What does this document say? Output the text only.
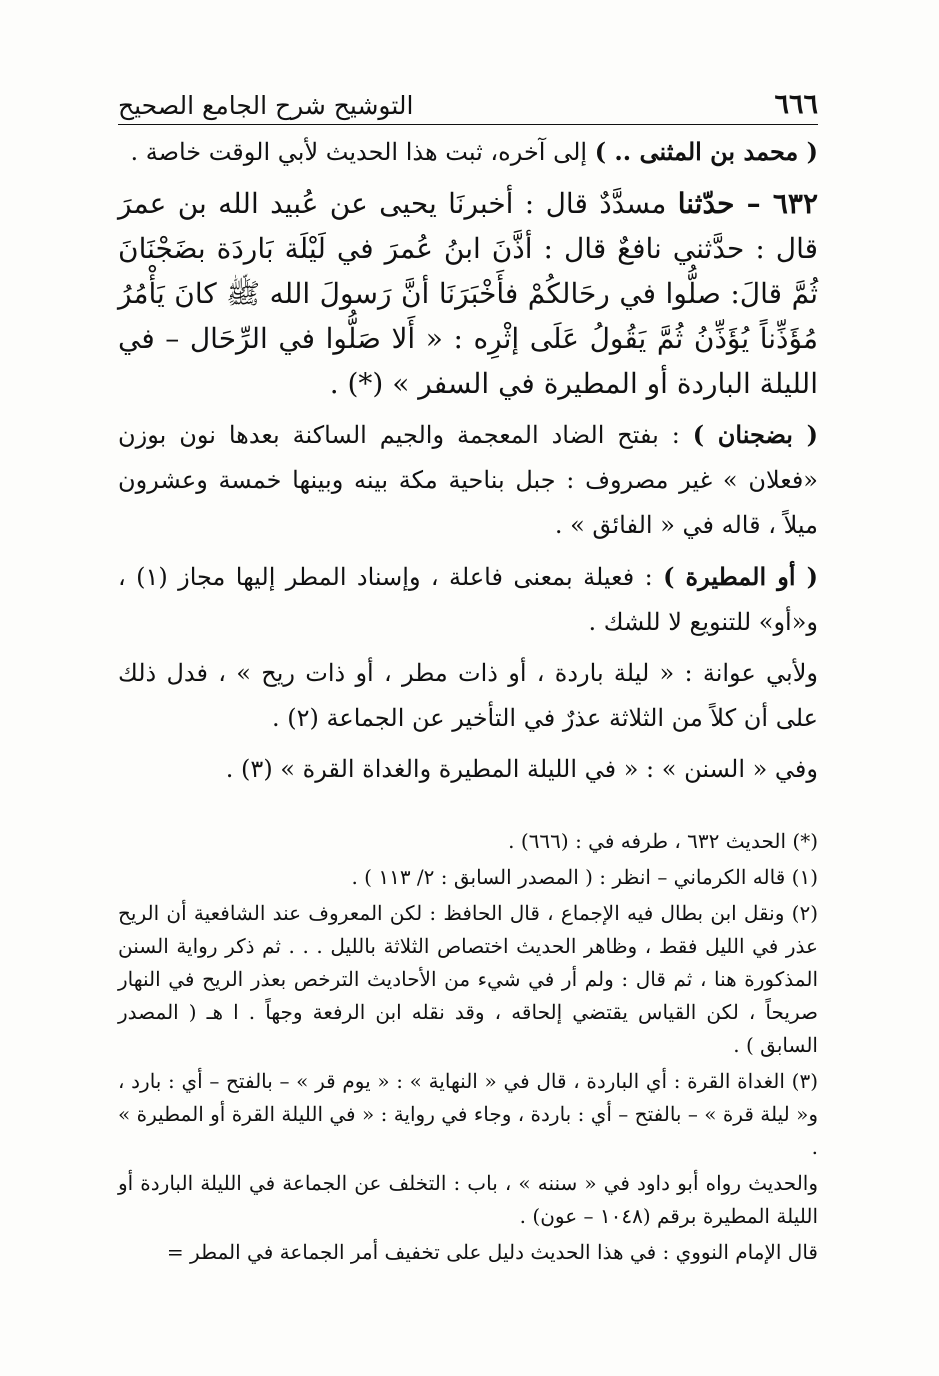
٦٦٦
التوشيح شرح الجامع الصحيح

( محمد بن المثنى .. ) إلى آخره، ثبت هذا الحديث لأبي الوقت خاصة .

٦٣٢ – حدّثنا مسدَّدٌ قال : أخبرنَا يحيى عن عُبيد الله بن عمرَ قال : حدَّثني نافعٌ قال : أذَّنَ ابنُ عُمرَ في لَيْلَة بَاردَة بضَجْنَانَ ثُمَّ قالَ: صلُّوا في رحَالكُمْ فأَخْبَرَنَا أنَّ رَسولَ الله ﷺ كانَ يَأْمُرُ مُؤَذِّناً يُؤَذِّنُ ثُمَّ يَقُولُ عَلَى إثْرِه : « أَلا صَلُّوا في الرِّحَال – في الليلة الباردة أو المطيرة في السفر » (*) .

( بضجنان ) : بفتح الضاد المعجمة والجيم الساكنة بعدها نون بوزن «فعلان » غير مصروف : جبل بناحية مكة بينه وبينها خمسة وعشرون ميلاً ، قاله في « الفائق » .

( أو المطيرة ) : فعيلة بمعنى فاعلة ، وإسناد المطر إليها مجاز (١) ، و«أو» للتنويع لا للشك .

ولأبي عوانة : « ليلة باردة ، أو ذات مطر ، أو ذات ريح » ، فدل ذلك على أن كلاً من الثلاثة عذرٌ في التأخير عن الجماعة (٢) .

وفي « السنن » : « في الليلة المطيرة والغداة القرة » (٣) .

(*) الحديث ٦٣٢ ، طرفه في : (٦٦٦) .

(١) قاله الكرماني – انظر : ( المصدر السابق : ٢/ ١١٣ ) .

(٢) ونقل ابن بطال فيه الإجماع ، قال الحافظ : لكن المعروف عند الشافعية أن الريح عذر في الليل فقط ، وظاهر الحديث اختصاص الثلاثة بالليل . . . ثم ذكر رواية السنن المذكورة هنا ، ثم قال : ولم أر في شيء من الأحاديث الترخص بعذر الريح في النهار صريحاً ، لكن القياس يقتضي إلحاقه ، وقد نقله ابن الرفعة وجهاً . ا هـ ( المصدر السابق ) .

(٣) الغداة القرة : أي الباردة ، قال في « النهاية » : « يوم قر » – بالفتح – أي : بارد ، و« ليلة قرة » – بالفتح – أي : باردة ، وجاء في رواية : « في الليلة القرة أو المطيرة » .

والحديث رواه أبو داود في « سننه » ، باب : التخلف عن الجماعة في الليلة الباردة أو الليلة المطيرة برقم (١٠٤٨ – عون) .

قال الإمام النووي : في هذا الحديث دليل على تخفيف أمر الجماعة في المطر =
